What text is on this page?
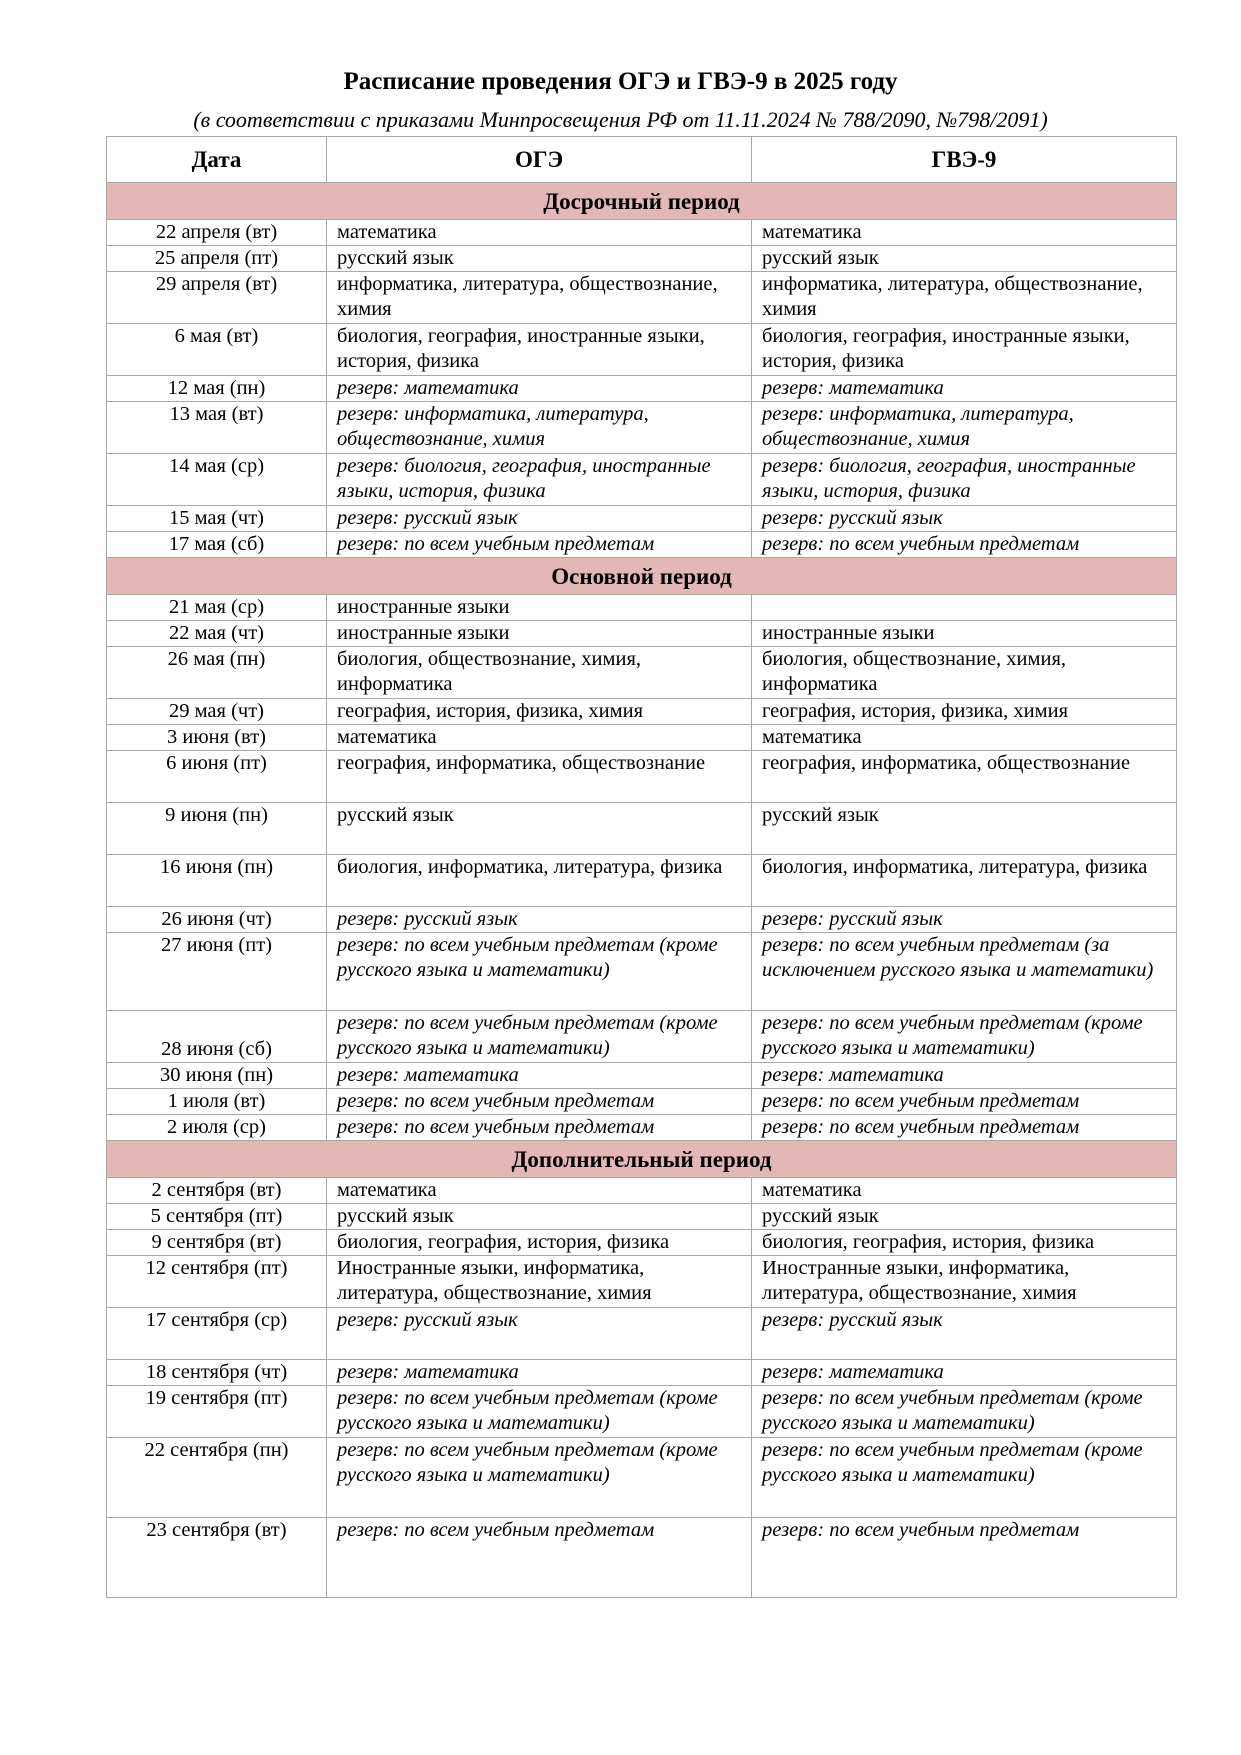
Расписание проведения ОГЭ и ГВЭ-9 в 2025 году
(в соответствии с приказами Минпросвещения РФ от 11.11.2024 № 788/2090, №798/2091)
Дата	ОГЭ	ГВЭ-9
Досрочный период		
22 апреля (вт)	математика	математика
25 апреля (пт)	русский язык	русский язык
29 апреля (вт)	информатика, литература, обществознание, химия	информатика, литература, обществознание, химия
6 мая (вт)	биология, география, иностранные языки, история, физика	биология, география, иностранные языки, история, физика
12 мая (пн)	резерв: математика	резерв: математика
13 мая (вт)	резерв: информатика, литература, обществознание, химия	резерв: информатика, литература, обществознание, химия
14 мая (ср)	резерв: биология, география, иностранные языки, история, физика	резерв: биология, география, иностранные языки, история, физика
15 мая (чт)	резерв: русский язык	резерв: русский язык
17 мая (сб)	резерв: по всем учебным предметам	резерв: по всем учебным предметам
Основной период		
21 мая (ср)	иностранные языки	
22 мая (чт)	иностранные языки	иностранные языки
26 мая (пн)	биология, обществознание, химия, информатика	биология, обществознание, химия, информатика
29 мая (чт)	география, история, физика, химия	география, история, физика, химия
3 июня (вт)	математика	математика
6 июня (пт)	география, информатика, обществознание	география, информатика, обществознание
9 июня (пн)	русский язык	русский язык
16 июня (пн)	биология, информатика, литература, физика	биология, информатика, литература, физика
26 июня (чт)	резерв: русский язык	резерв: русский язык
27 июня (пт)	резерв: по всем учебным предметам (кроме русского языка и математики)	резерв: по всем учебным предметам (за исключением русского языка и математики)
28 июня (сб)	резерв: по всем учебным предметам (кроме русского языка и математики)	резерв: по всем учебным предметам (кроме русского языка и математики)
30 июня (пн)	резерв: математика	резерв: математика
1 июля (вт)	резерв: по всем учебным предметам	резерв: по всем учебным предметам
2 июля (ср)	резерв: по всем учебным предметам	резерв: по всем учебным предметам
Дополнительный период		
2 сентября (вт)	математика	математика
5 сентября (пт)	русский язык	русский язык
9 сентября (вт)	биология, география, история, физика	биология, география, история, физика
12 сентября (пт)	Иностранные языки, информатика, литература, обществознание, химия	Иностранные языки, информатика, литература, обществознание, химия
17 сентября (ср)	резерв: русский язык	резерв: русский язык
18 сентября (чт)	резерв: математика	резерв: математика
19 сентября (пт)	резерв: по всем учебным предметам (кроме русского языка и математики)	резерв: по всем учебным предметам (кроме русского языка и математики)
22 сентября (пн)	резерв: по всем учебным предметам (кроме русского языка и математики)	резерв: по всем учебным предметам (кроме русского языка и математики)
23 сентября (вт)	резерв: по всем учебным предметам	резерв: по всем учебным предметам
